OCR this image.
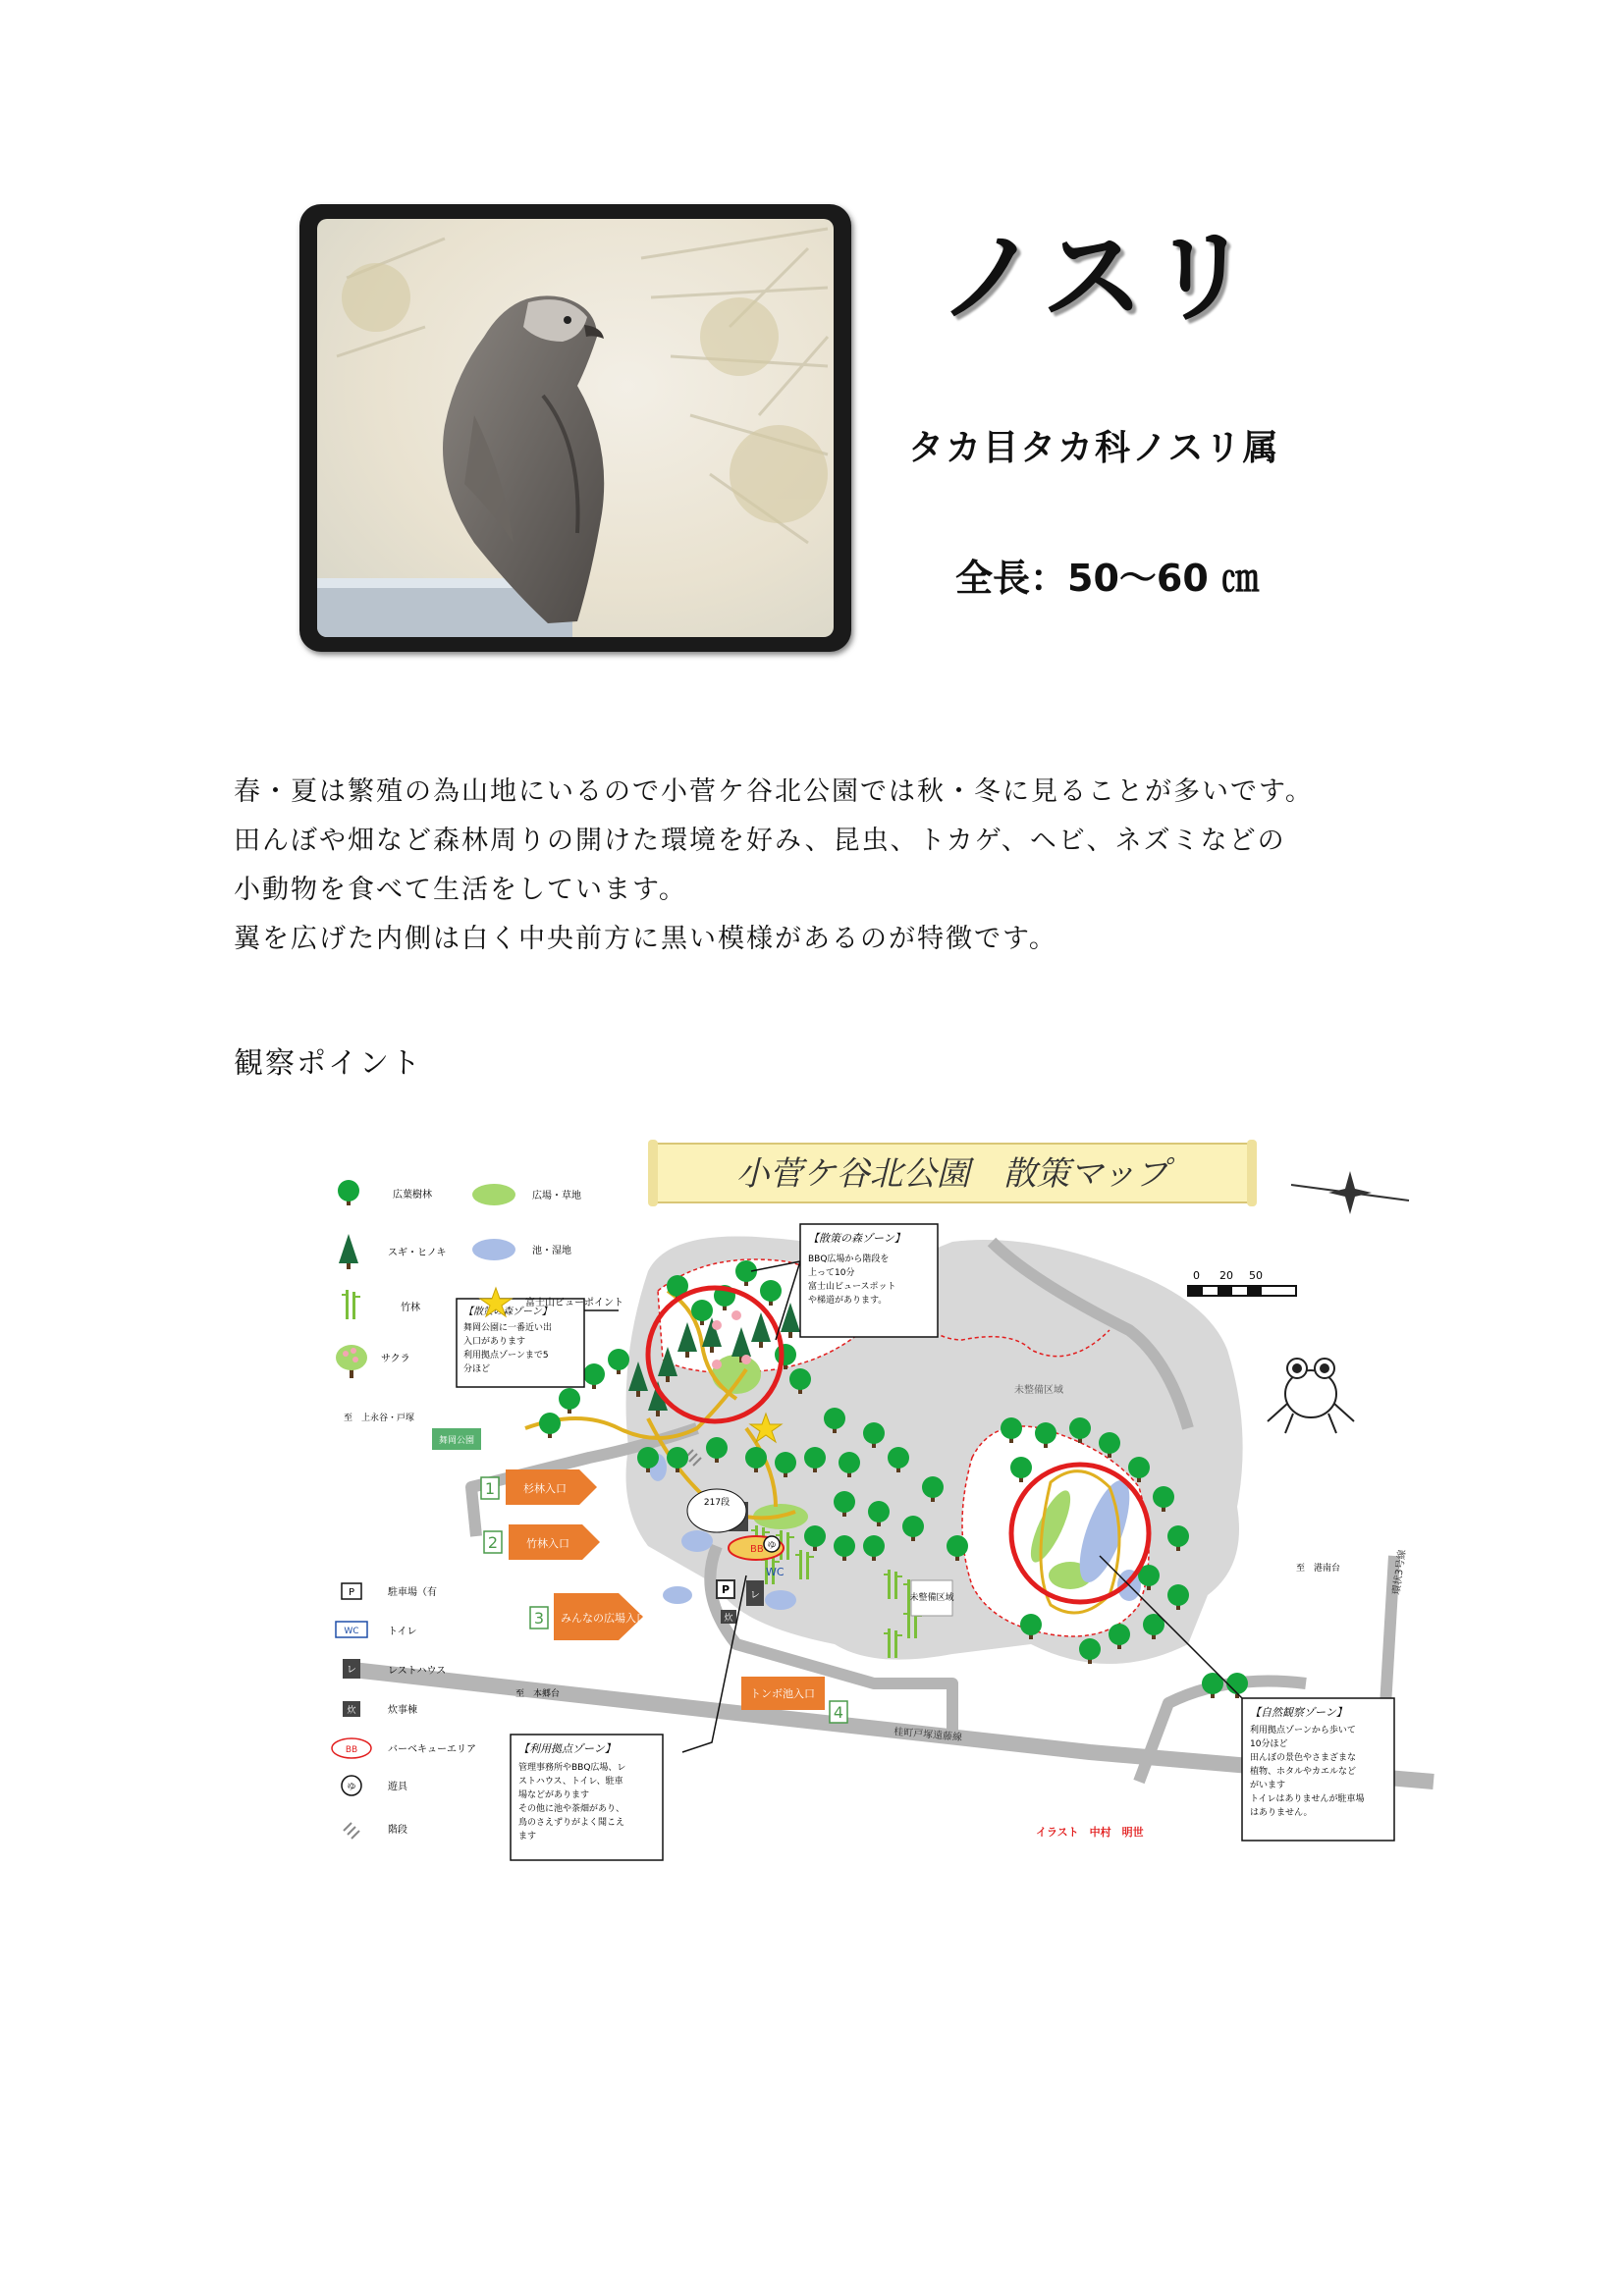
ノスリ
タカ目タカ科ノスリ属
全長：50～60 ㎝

春・夏は繁殖の為山地にいるので小菅ケ谷北公園では秋・冬に見ることが多いです。

田んぼや畑など森林周りの開けた環境を好み、昆虫、トカゲ、ヘビ、ネズミなどの

小動物を食べて生活をしています。

翼を広げた内側は白く中央前方に黒い模様があるのが特徴です。

観察ポイント
小菅ケ谷北公園　散策マップ
0 20 50
桂町戸塚遠藤線
環状3号線
P レ
炊
WC
BB ゆ
217段
舞岡公園
至　上永谷・戸塚
未整備区域
未整備区域
至　本郷台
至　港南台
イラスト　中村　明世
1	杉林入口
2	竹林入口
3 みんなの広場入口
トンボ池入口
4
【散策の森ゾーン】
BBQ広場から階段を
上って10分
富士山ビュースポット
や梯道があります。
【散策の森ゾーン】
舞岡公園に一番近い出
入口があります
利用拠点ゾーンまで5
分ほど
【利用拠点ゾーン】
管理事務所やBBQ広場、レ
ストハウス、トイレ、駐車
場などがあります
その他に池や茶畑があり、
鳥のさえずりがよく聞こえ
ます
【自然観察ゾーン】
利用拠点ゾーンから歩いて
10分ほど
田んぼの景色やさまざまな
植物、ホタルやカエルなど
がいます
トイレはありませんが駐車場
はありません。
広葉樹林	広場・草地
スギ・ヒノキ	池・湿地
竹林	富士山ビューポイント
サクラ
P	駐車場（有
WC	トイレ
レ	レストハウス
炊	炊事棟
BB	バーベキューエリア
ゆ	遊具
階段
